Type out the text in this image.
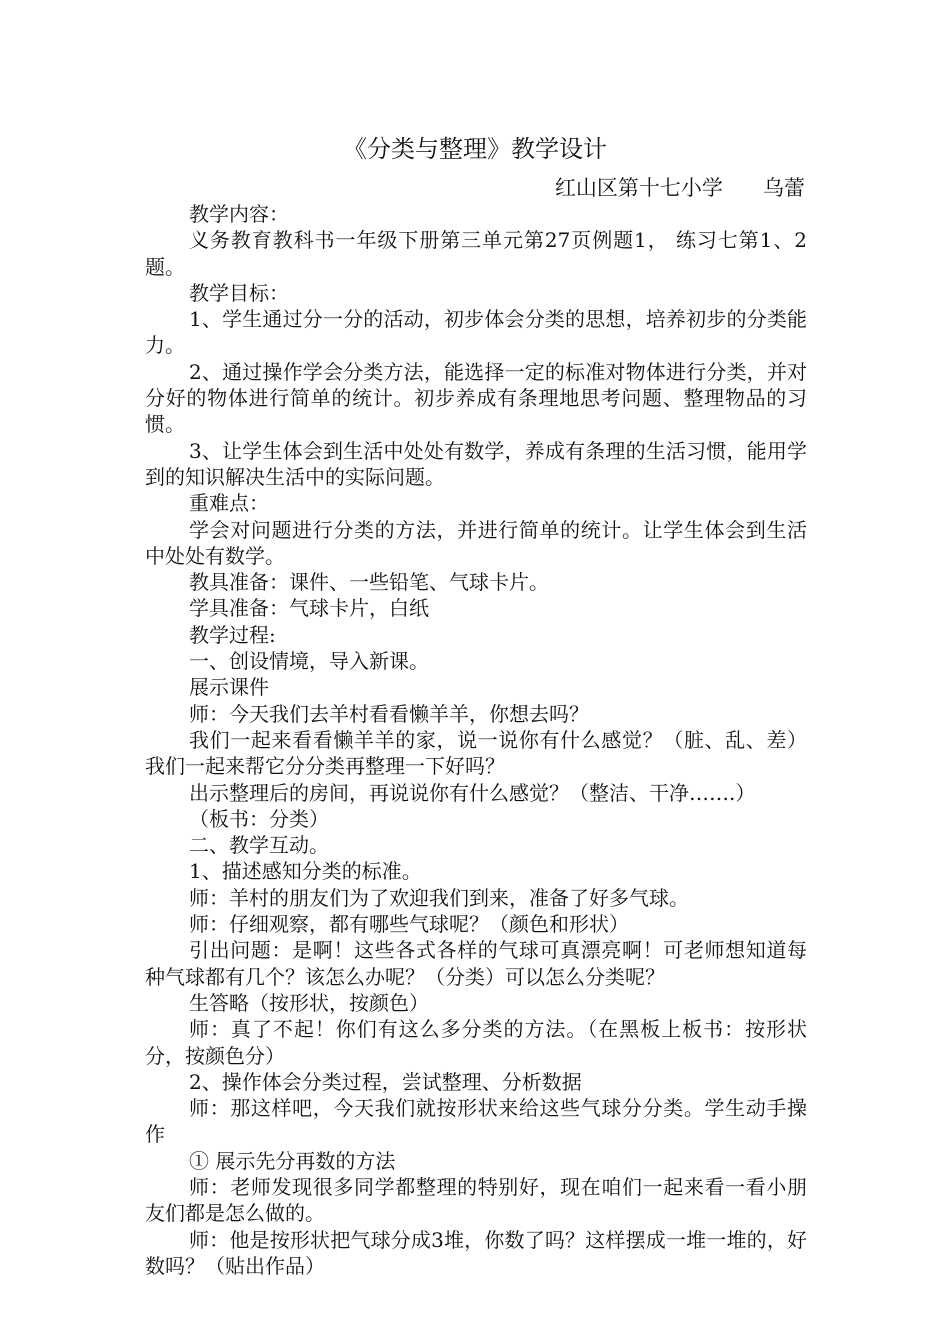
《分类与整理》教学设计
红山区第十七小学      乌蕾

教学内容：

义务教育教科书一年级下册第三单元第27页例题1， 练习七第1、2题。

教学目标：

1、学生通过分一分的活动，初步体会分类的思想，培养初步的分类能力。

2、通过操作学会分类方法，能选择一定的标准对物体进行分类，并对分好的物体进行简单的统计。初步养成有条理地思考问题、整理物品的习惯。

3、让学生体会到生活中处处有数学，养成有条理的生活习惯，能用学到的知识解决生活中的实际问题。

重难点：

学会对问题进行分类的方法，并进行简单的统计。让学生体会到生活中处处有数学。

教具准备：课件、一些铅笔、气球卡片。

学具准备：气球卡片，白纸

教学过程:

一、创设情境，导入新课。

展示课件

师：今天我们去羊村看看懒羊羊，你想去吗？

我们一起来看看懒羊羊的家，说一说你有什么感觉？（脏、乱、差）我们一起来帮它分分类再整理一下好吗？

出示整理后的房间，再说说你有什么感觉？（整洁、干净…….）

（板书：分类）

二、教学互动。

1、描述感知分类的标准。

师：羊村的朋友们为了欢迎我们到来，准备了好多气球。

师：仔细观察，都有哪些气球呢？（颜色和形状）

引出问题：是啊！这些各式各样的气球可真漂亮啊！可老师想知道每种气球都有几个？该怎么办呢？（分类）可以怎么分类呢？

生答略（按形状，按颜色）

师：真了不起！你们有这么多分类的方法。（在黑板上板书：按形状分，按颜色分）

2、操作体会分类过程，尝试整理、分析数据

师：那这样吧，今天我们就按形状来给这些气球分分类。学生动手操作

① 展示先分再数的方法

师：老师发现很多同学都整理的特别好，现在咱们一起来看一看小朋友们都是怎么做的。

师：他是按形状把气球分成3堆，你数了吗？这样摆成一堆一堆的，好数吗？（贴出作品）
